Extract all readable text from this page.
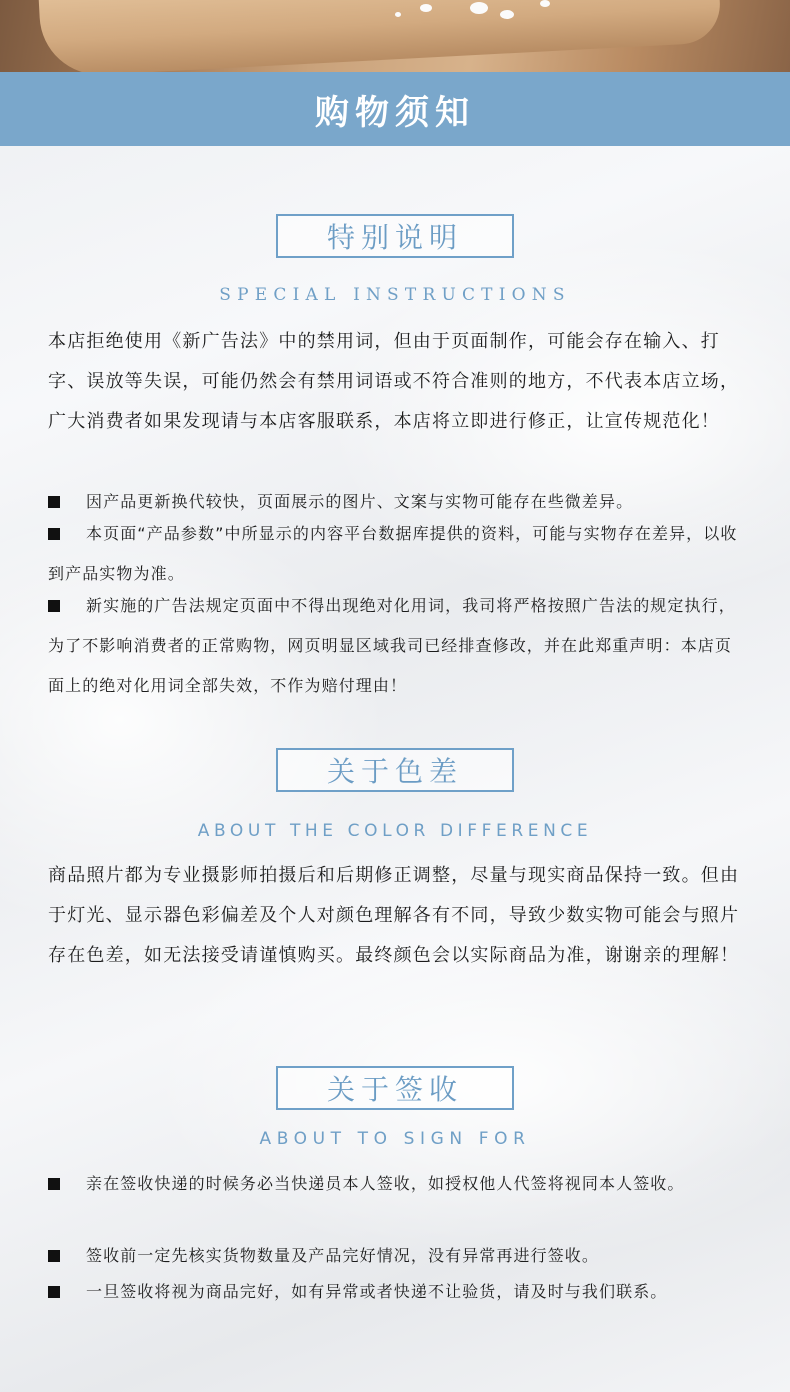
购物须知
特别说明
SPECIAL INSTRUCTIONS
本店拒绝使用《新广告法》中的禁用词，但由于页面制作，可能会存在输入、打字、误放等失误，可能仍然会有禁用词语或不符合准则的地方，不代表本店立场，广大消费者如果发现请与本店客服联系，本店将立即进行修正，让宣传规范化！
因产品更新换代较快，页面展示的图片、文案与实物可能存在些微差异。
本页面“产品参数”中所显示的内容平台数据库提供的资料，可能与实物存在差异，以收到产品实物为准。
新实施的广告法规定页面中不得出现绝对化用词，我司将严格按照广告法的规定执行，为了不影响消费者的正常购物，网页明显区域我司已经排查修改，并在此郑重声明：本店页面上的绝对化用词全部失效，不作为赔付理由！
关于色差
ABOUT THE COLOR DIFFERENCE
商品照片都为专业摄影师拍摄后和后期修正调整，尽量与现实商品保持一致。但由于灯光、显示器色彩偏差及个人对颜色理解各有不同，导致少数实物可能会与照片存在色差，如无法接受请谨慎购买。最终颜色会以实际商品为准，谢谢亲的理解！
关于签收
ABOUT TO SIGN FOR
亲在签收快递的时候务必当快递员本人签收，如授权他人代签将视同本人签收。
签收前一定先核实货物数量及产品完好情况，没有异常再进行签收。
一旦签收将视为商品完好，如有异常或者快递不让验货，请及时与我们联系。
